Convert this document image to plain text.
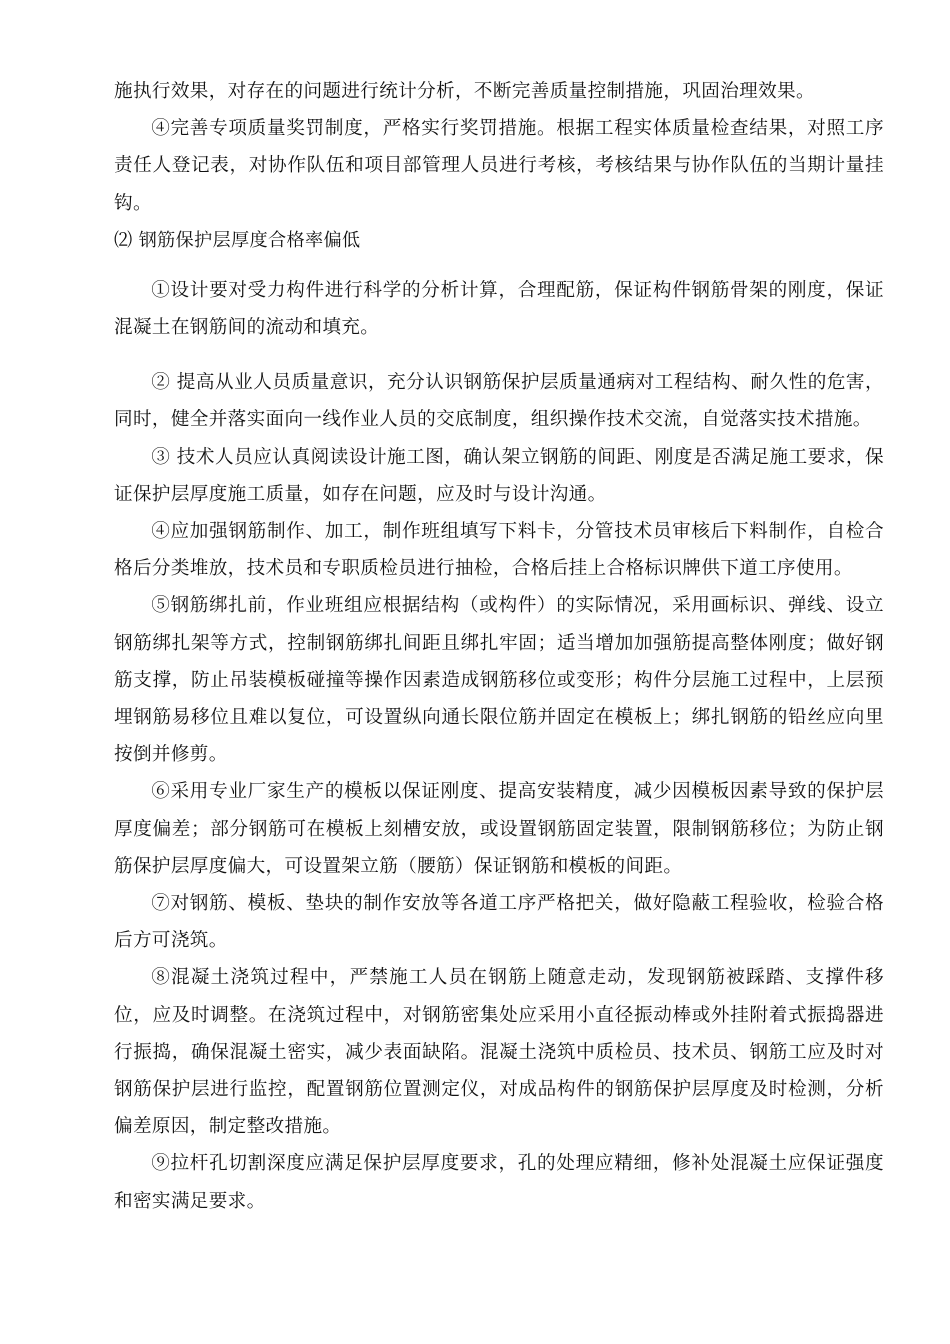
施执行效果，对存在的问题进行统计分析，不断完善质量控制措施，巩固治理效果。

④完善专项质量奖罚制度，严格实行奖罚措施。根据工程实体质量检查结果，对照工序责任人登记表，对协作队伍和项目部管理人员进行考核，考核结果与协作队伍的当期计量挂钩。

⑵ 钢筋保护层厚度合格率偏低

①设计要对受力构件进行科学的分析计算，合理配筋，保证构件钢筋骨架的刚度，保证混凝土在钢筋间的流动和填充。

② 提高从业人员质量意识，充分认识钢筋保护层质量通病对工程结构、耐久性的危害，同时，健全并落实面向一线作业人员的交底制度，组织操作技术交流，自觉落实技术措施。

③ 技术人员应认真阅读设计施工图，确认架立钢筋的间距、刚度是否满足施工要求，保证保护层厚度施工质量，如存在问题，应及时与设计沟通。

④应加强钢筋制作、加工，制作班组填写下料卡，分管技术员审核后下料制作，自检合格后分类堆放，技术员和专职质检员进行抽检，合格后挂上合格标识牌供下道工序使用。

⑤钢筋绑扎前，作业班组应根据结构（或构件）的实际情况，采用画标识、弹线、设立钢筋绑扎架等方式，控制钢筋绑扎间距且绑扎牢固；适当增加加强筋提高整体刚度；做好钢筋支撑，防止吊装模板碰撞等操作因素造成钢筋移位或变形；构件分层施工过程中，上层预埋钢筋易移位且难以复位，可设置纵向通长限位筋并固定在模板上；绑扎钢筋的铅丝应向里按倒并修剪。

⑥采用专业厂家生产的模板以保证刚度、提高安装精度，减少因模板因素导致的保护层厚度偏差；部分钢筋可在模板上刻槽安放，或设置钢筋固定装置，限制钢筋移位；为防止钢筋保护层厚度偏大，可设置架立筋（腰筋）保证钢筋和模板的间距。

⑦对钢筋、模板、垫块的制作安放等各道工序严格把关，做好隐蔽工程验收，检验合格后方可浇筑。

⑧混凝土浇筑过程中，严禁施工人员在钢筋上随意走动，发现钢筋被踩踏、支撑件移位，应及时调整。在浇筑过程中，对钢筋密集处应采用小直径振动棒或外挂附着式振捣器进行振捣，确保混凝土密实，减少表面缺陷。混凝土浇筑中质检员、技术员、钢筋工应及时对钢筋保护层进行监控，配置钢筋位置测定仪，对成品构件的钢筋保护层厚度及时检测，分析偏差原因，制定整改措施。

⑨拉杆孔切割深度应满足保护层厚度要求，孔的处理应精细，修补处混凝土应保证强度和密实满足要求。
